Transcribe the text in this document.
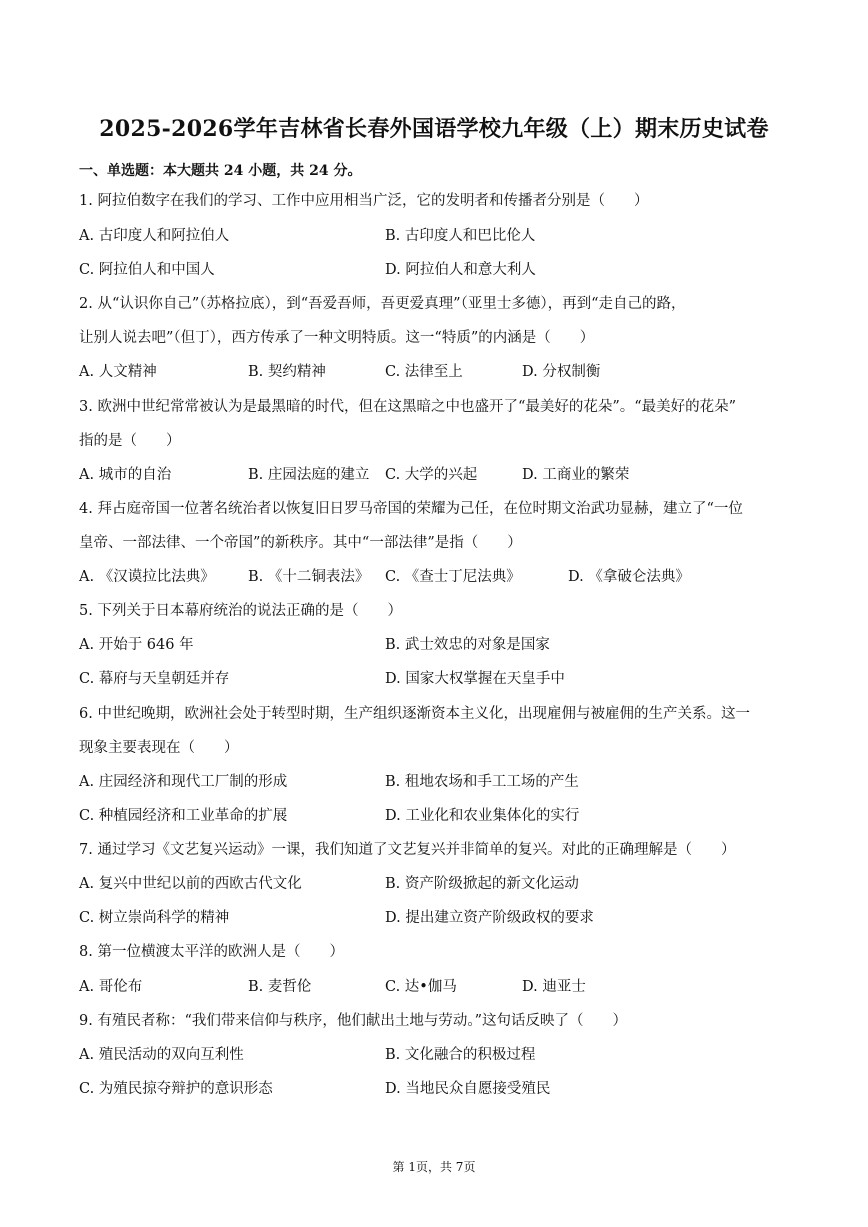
2025-2026学年吉林省长春外国语学校九年级（上）期末历史试卷
一、单选题：本大题共 24 小题，共 24 分。
1. 阿拉伯数字在我们的学习、工作中应用相当广泛，它的发明者和传播者分别是（　　）
A. 古印度人和阿拉伯人	B. 古印度人和巴比伦人
C. 阿拉伯人和中国人	D. 阿拉伯人和意大利人
2. 从“认识你自己”（苏格拉底），到“吾爱吾师，吾更爱真理”（亚里士多德），再到“走自己的路，
让别人说去吧”（但丁），西方传承了一种文明特质。这一“特质”的内涵是（　　）
A. 人文精神	B. 契约精神	C. 法律至上	D. 分权制衡
3. 欧洲中世纪常常被认为是最黑暗的时代，但在这黑暗之中也盛开了“最美好的花朵”。“最美好的花朵”
指的是（　　）
A. 城市的自治	B. 庄园法庭的建立 C. 大学的兴起	D. 工商业的繁荣
4. 拜占庭帝国一位著名统治者以恢复旧日罗马帝国的荣耀为己任，在位时期文治武功显赫，建立了“一位
皇帝、一部法律、一个帝国”的新秩序。其中“一部法律”是指（　　）
A. 《汉谟拉比法典》 B. 《十二铜表法》 C. 《查士丁尼法典》	D. 《拿破仑法典》
5. 下列关于日本幕府统治的说法正确的是（　　）
A. 开始于 646 年	B. 武士效忠的对象是国家
C. 幕府与天皇朝廷并存	D. 国家大权掌握在天皇手中
6. 中世纪晚期，欧洲社会处于转型时期，生产组织逐渐资本主义化，出现雇佣与被雇佣的生产关系。这一
现象主要表现在（　　）
A. 庄园经济和现代工厂制的形成	B. 租地农场和手工工场的产生
C. 种植园经济和工业革命的扩展	D. 工业化和农业集体化的实行
7. 通过学习《文艺复兴运动》一课，我们知道了文艺复兴并非简单的复兴。对此的正确理解是（　　）
A. 复兴中世纪以前的西欧古代文化	B. 资产阶级掀起的新文化运动
C. 树立崇尚科学的精神	D. 提出建立资产阶级政权的要求
8. 第一位横渡太平洋的欧洲人是（　　）
A. 哥伦布	B. 麦哲伦	C. 达•伽马	D. 迪亚士
9. 有殖民者称：“我们带来信仰与秩序，他们献出土地与劳动。”这句话反映了（　　）
A. 殖民活动的双向互利性	B. 文化融合的积极过程
C. 为殖民掠夺辩护的意识形态	D. 当地民众自愿接受殖民
第 1页，共 7页
